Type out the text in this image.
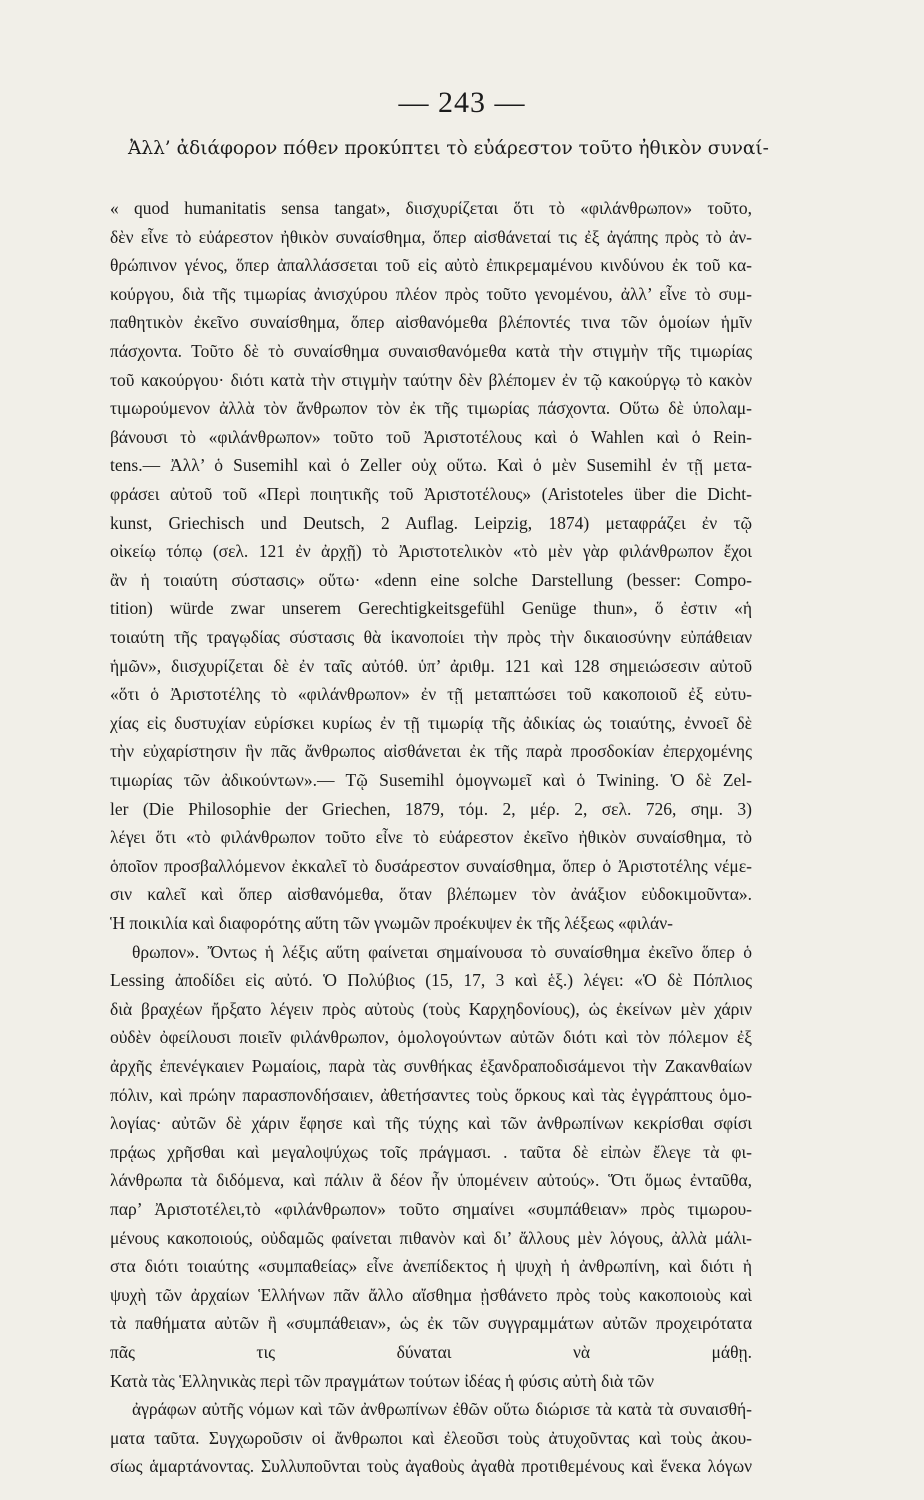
— 243 —
Ἀλλ’ ἀδιάφορον πόθεν προκύπτει τὸ εὐάρεστον τοῦτο ἠθικὸν συναί-
« quod humanitatis sensa tangat», διισχυρίζεται ὅτι τὸ «φιλάνθρωπον» τοῦτο,
δὲν εἶνε τὸ εὐάρεστον ἠθικὸν συναίσθημα, ὅπερ αἰσθάνεταί τις ἐξ ἀγάπης πρὸς τὸ ἀν-
θρώπινον γένος, ὅπερ ἀπαλλάσσεται τοῦ εἰς αὐτὸ ἐπικρεμαμένου κινδύνου ἐκ τοῦ κα-
κούργου, διὰ τῆς τιμωρίας ἀνισχύρου πλέον πρὸς τοῦτο γενομένου, ἀλλ’ εἶνε τὸ συμ-
παθητικὸν ἐκεῖνο συναίσθημα, ὅπερ αἰσθανόμεθα βλέποντές τινα τῶν ὁμοίων ἡμῖν
πάσχοντα. Τοῦτο δὲ τὸ συναίσθημα συναισθανόμεθα κατὰ τὴν στιγμὴν τῆς τιμωρίας
τοῦ κακούργου· διότι κατὰ τὴν στιγμὴν ταύτην δὲν βλέπομεν ἐν τῷ κακούργῳ τὸ κακὸν
τιμωρούμενον ἀλλὰ τὸν ἄνθρωπον τὸν ἐκ τῆς τιμωρίας πάσχοντα. Οὕτω δὲ ὑπολαμ-
βάνουσι τὸ «φιλάνθρωπον» τοῦτο τοῦ Ἀριστοτέλους καὶ ὁ Wahlen καὶ ὁ Rein-
tens.— Ἀλλ’ ὁ Susemihl καὶ ὁ Zeller οὐχ οὕτω. Καὶ ὁ μὲν Susemihl ἐν τῇ μετα-
φράσει αὐτοῦ τοῦ «Περὶ ποιητικῆς τοῦ Ἀριστοτέλους» (Aristoteles über die Dicht-
kunst, Griechisch und Deutsch, 2 Auflag. Leipzig, 1874) μεταφράζει ἐν τῷ
οἰκείῳ τόπῳ (σελ. 121 ἐν ἀρχῇ) τὸ Ἀριστοτελικὸν «τὸ μὲν γὰρ φιλάνθρωπον ἔχοι
ἂν ἡ τοιαύτη σύστασις» οὕτω· «denn eine solche Darstellung (besser: Compo-
tition) würde zwar unserem Gerechtigkeitsgefühl Genüge thun», ὅ ἐστιν «ἡ
τοιαύτη τῆς τραγῳδίας σύστασις θὰ ἱκανοποίει τὴν πρὸς τὴν δικαιοσύνην εὐπάθειαν
ἡμῶν», διισχυρίζεται δὲ ἐν ταῖς αὐτόθ. ὑπ’ ἀριθμ. 121 καὶ 128 σημειώσεσιν αὐτοῦ
«ὅτι ὁ Ἀριστοτέλης τὸ «φιλάνθρωπον» ἐν τῇ μεταπτώσει τοῦ κακοποιοῦ ἐξ εὐτυ-
χίας εἰς δυστυχίαν εὑρίσκει κυρίως ἐν τῇ τιμωρίᾳ τῆς ἀδικίας ὡς τοιαύτης, ἐννοεῖ δὲ
τὴν εὐχαρίστησιν ἣν πᾶς ἄνθρωπος αἰσθάνεται ἐκ τῆς παρὰ προσδοκίαν ἐπερχομένης
τιμωρίας τῶν ἀδικούντων».— Τῷ Susemihl ὁμογνωμεῖ καὶ ὁ Twining. Ὁ δὲ Zel-
ler (Die Philosophie der Griechen, 1879, τόμ. 2, μέρ. 2, σελ. 726, σημ. 3)
λέγει ὅτι «τὸ φιλάνθρωπον τοῦτο εἶνε τὸ εὐάρεστον ἐκεῖνο ἠθικὸν συναίσθημα, τὸ
ὁποῖον προσβαλλόμενον ἐκκαλεῖ τὸ δυσάρεστον συναίσθημα, ὅπερ ὁ Ἀριστοτέλης νέμε-
σιν καλεῖ καὶ ὅπερ αἰσθανόμεθα, ὅταν βλέπωμεν τὸν ἀνάξιον εὐδοκιμοῦντα».
Ἡ ποικιλία καὶ διαφορότης αὕτη τῶν γνωμῶν προέκυψεν ἐκ τῆς λέξεως «φιλάν-
θρωπον». Ὄντως ἡ λέξις αὕτη φαίνεται σημαίνουσα τὸ συναίσθημα ἐκεῖνο ὅπερ ὁ
Lessing ἀποδίδει εἰς αὐτό. Ὁ Πολύβιος (15, 17, 3 καὶ ἑξ.) λέγει: «Ὁ δὲ Πόπλιος
διὰ βραχέων ἤρξατο λέγειν πρὸς αὐτοὺς (τοὺς Καρχηδονίους), ὡς ἐκείνων μὲν χάριν
οὐδὲν ὀφείλουσι ποιεῖν φιλάνθρωπον, ὁμολογούντων αὐτῶν διότι καὶ τὸν πόλεμον ἐξ
ἀρχῆς ἐπενέγκαιεν Ρωμαίοις, παρὰ τὰς συνθήκας ἐξανδραποδισάμενοι τὴν Ζακανθαίων
πόλιν, καὶ πρώην παρασπονδήσαιεν, ἀθετήσαντες τοὺς ὅρκους καὶ τὰς ἐγγράπτους ὁμο-
λογίας· αὐτῶν δὲ χάριν ἔφησε καὶ τῆς τύχης καὶ τῶν ἀνθρωπίνων κεκρίσθαι σφίσι
πρᾴως χρῆσθαι καὶ μεγαλοψύχως τοῖς πράγμασι. . ταῦτα δὲ εἰπὼν ἔλεγε τὰ φι-
λάνθρωπα τὰ διδόμενα, καὶ πάλιν ἃ δέον ἦν ὑπομένειν αὐτούς». Ὅτι ὅμως ἐνταῦθα,
παρ’ Ἀριστοτέλει,τὸ «φιλάνθρωπον» τοῦτο σημαίνει «συμπάθειαν» πρὸς τιμωρου-
μένους κακοποιούς, οὐδαμῶς φαίνεται πιθανὸν καὶ δι’ ἄλλους μὲν λόγους, ἀλλὰ μάλι-
στα διότι τοιαύτης «συμπαθείας» εἶνε ἀνεπίδεκτος ἡ ψυχὴ ἡ ἀνθρωπίνη, καὶ διότι ἡ
ψυχὴ τῶν ἀρχαίων Ἑλλήνων πᾶν ἄλλο αἴσθημα ᾐσθάνετο πρὸς τοὺς κακοποιοὺς καὶ
τὰ παθήματα αὐτῶν ἢ «συμπάθειαν», ὡς ἐκ τῶν συγγραμμάτων αὐτῶν προχειρότατα
πᾶς τις δύναται νὰ μάθῃ.
Κατὰ τὰς Ἑλληνικὰς περὶ τῶν πραγμάτων τούτων ἰδέας ἡ φύσις αὐτὴ διὰ τῶν
ἀγράφων αὐτῆς νόμων καὶ τῶν ἀνθρωπίνων ἐθῶν οὕτω διώρισε τὰ κατὰ τὰ συναισθή-
ματα ταῦτα. Συγχωροῦσιν οἱ ἄνθρωποι καὶ ἐλεοῦσι τοὺς ἀτυχοῦντας καὶ τοὺς ἀκου-
σίως ἁμαρτάνοντας. Συλλυποῦνται τοὺς ἀγαθοὺς ἀγαθὰ προτιθεμένους καὶ ἕνεκα λόγων
